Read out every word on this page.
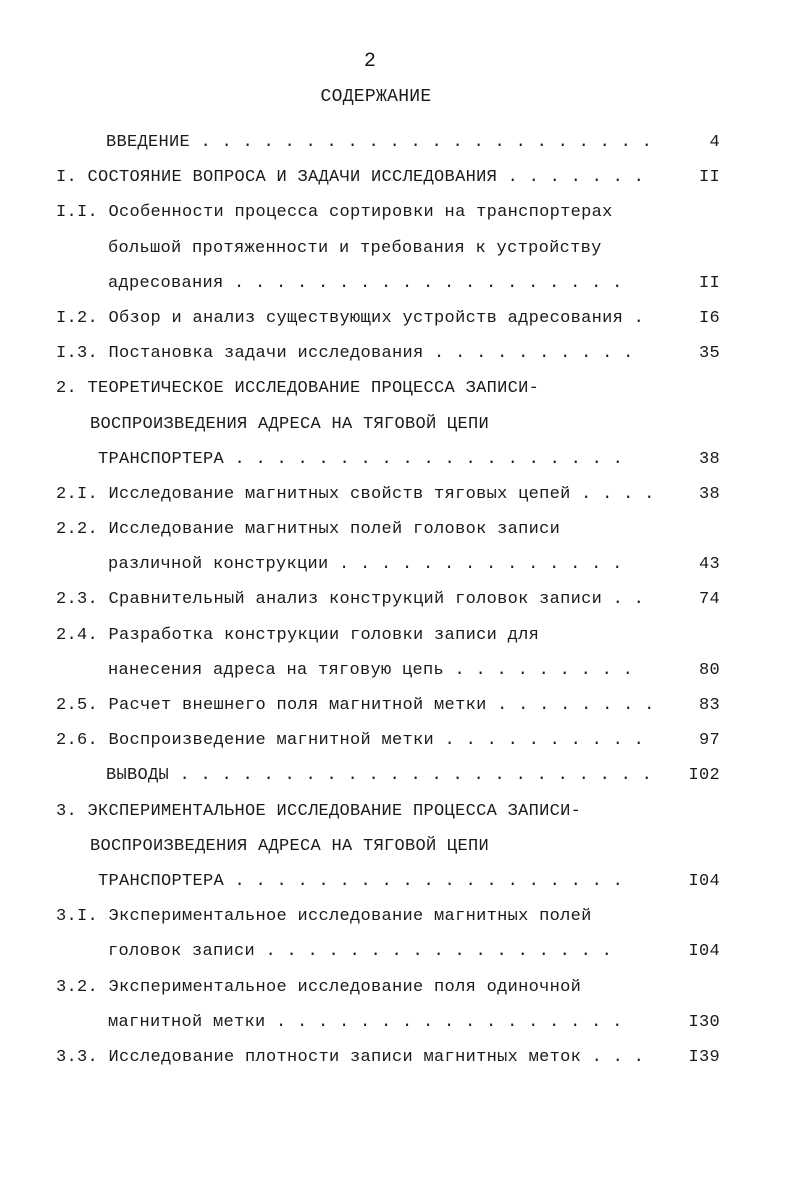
2
СОДЕРЖАНИЕ
ВВЕДЕНИЕ . . . . . . . . . . . . . . . . . . . . . .	4
I. СОСТОЯНИЕ ВОПРОСА И ЗАДАЧИ ИССЛЕДОВАНИЯ . . . . . . .	II
I.I. Особенности процесса сортировки на транспортерах
большой протяженности и требования к устройству
адресования . . . . . . . . . . . . . . . . . . .	II
I.2. Обзор и анализ существующих устройств адресования .	I6
I.3. Постановка задачи исследования . . . . . . . . . .	35
2. ТЕОРЕТИЧЕСКОЕ ИССЛЕДОВАНИЕ ПРОЦЕССА ЗАПИСИ-
ВОСПРОИЗВЕДЕНИЯ АДРЕСА НА ТЯГОВОЙ ЦЕПИ
ТРАНСПОРТЕРА . . . . . . . . . . . . . . . . . . .	38
2.I. Исследование магнитных свойств тяговых цепей . . . .	38
2.2. Исследование магнитных полей головок записи
различной конструкции . . . . . . . . . . . . . .	43
2.3. Сравнительный анализ конструкций головок записи . .	74
2.4. Разработка конструкции головки записи для
нанесения адреса на тяговую цепь . . . . . . . . .	80
2.5. Расчет внешнего поля магнитной метки . . . . . . . .	83
2.6. Воспроизведение магнитной метки . . . . . . . . . .	97
ВЫВОДЫ . . . . . . . . . . . . . . . . . . . . . . . I02
3. ЭКСПЕРИМЕНТАЛЬНОЕ ИССЛЕДОВАНИЕ ПРОЦЕССА ЗАПИСИ-
ВОСПРОИЗВЕДЕНИЯ АДРЕСА НА ТЯГОВОЙ ЦЕПИ
ТРАНСПОРТЕРА . . . . . . . . . . . . . . . . . . .	I04
3.I. Экспериментальное исследование магнитных полей
головок записи . . . . . . . . . . . . . . . . .	I04
3.2. Экспериментальное исследование поля одиночной
магнитной метки . . . . . . . . . . . . . . . . .	I30
3.3. Исследование плотности записи магнитных меток . . .	I39
